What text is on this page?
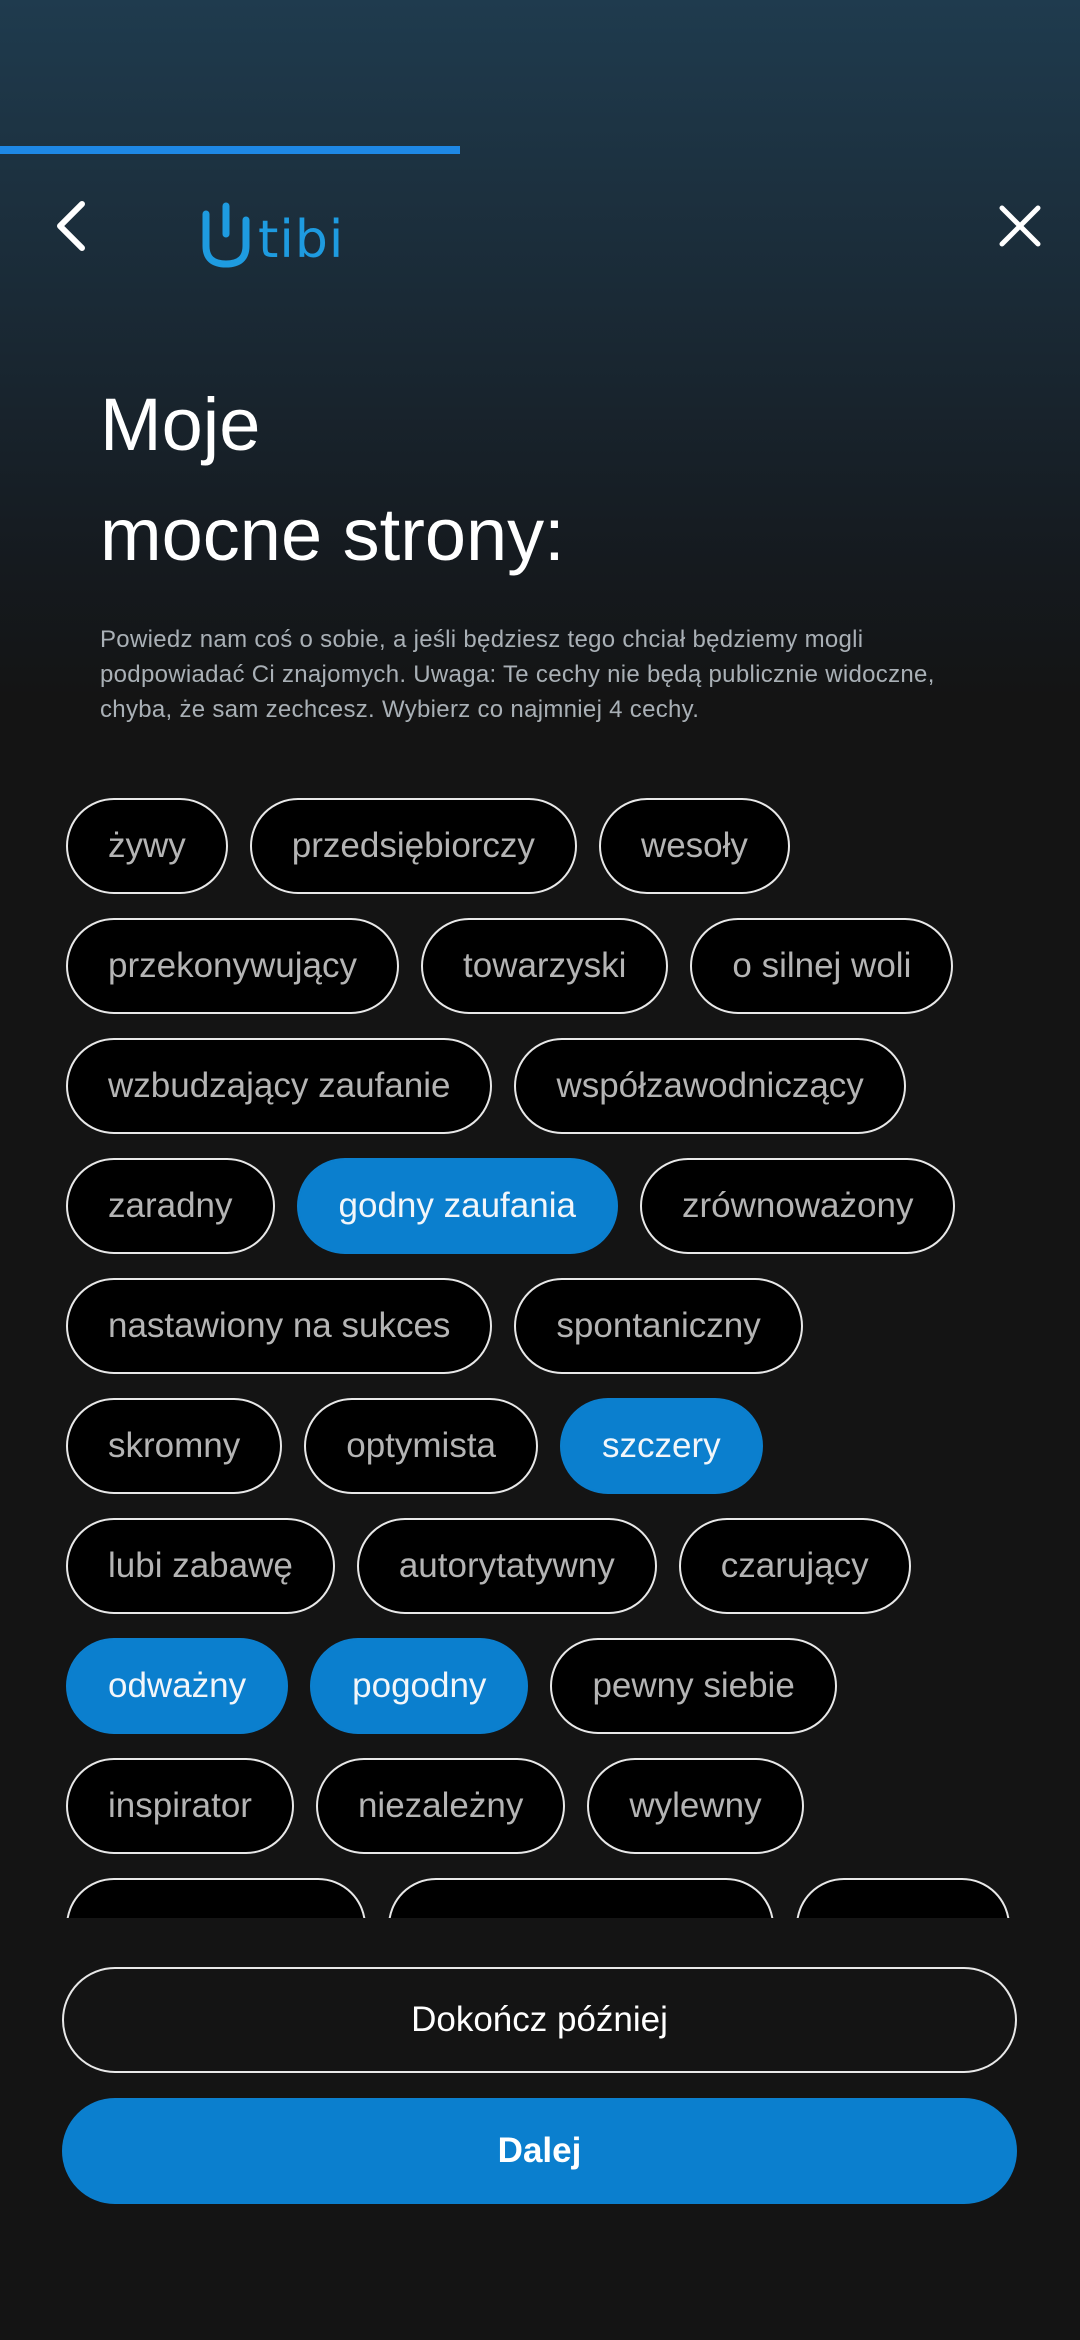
tibi
Moje
mocne strony:

Powiedz nam coś o sobie, a jeśli będziesz tego chciał będziemy mogli podpowiadać Ci znajomych. Uwaga: Te cechy nie będą publicznie widoczne, chyba, że sam zechcesz. Wybierz co najmniej 4 cechy.

żywy	przedsiębiorczy	wesoły
przekonywujący	towarzyski	o silnej woli
wzbudzający zaufanie	współzawodniczący
zaradny	godny zaufania	zrównoważony
nastawiony na sukces	spontaniczny
skromny	optymista	szczery
lubi zabawę	autorytatywny	czarujący
odważny	pogodny	pewny siebie
inspirator	niezależny	wylewny
Dokończ później
Dalej
